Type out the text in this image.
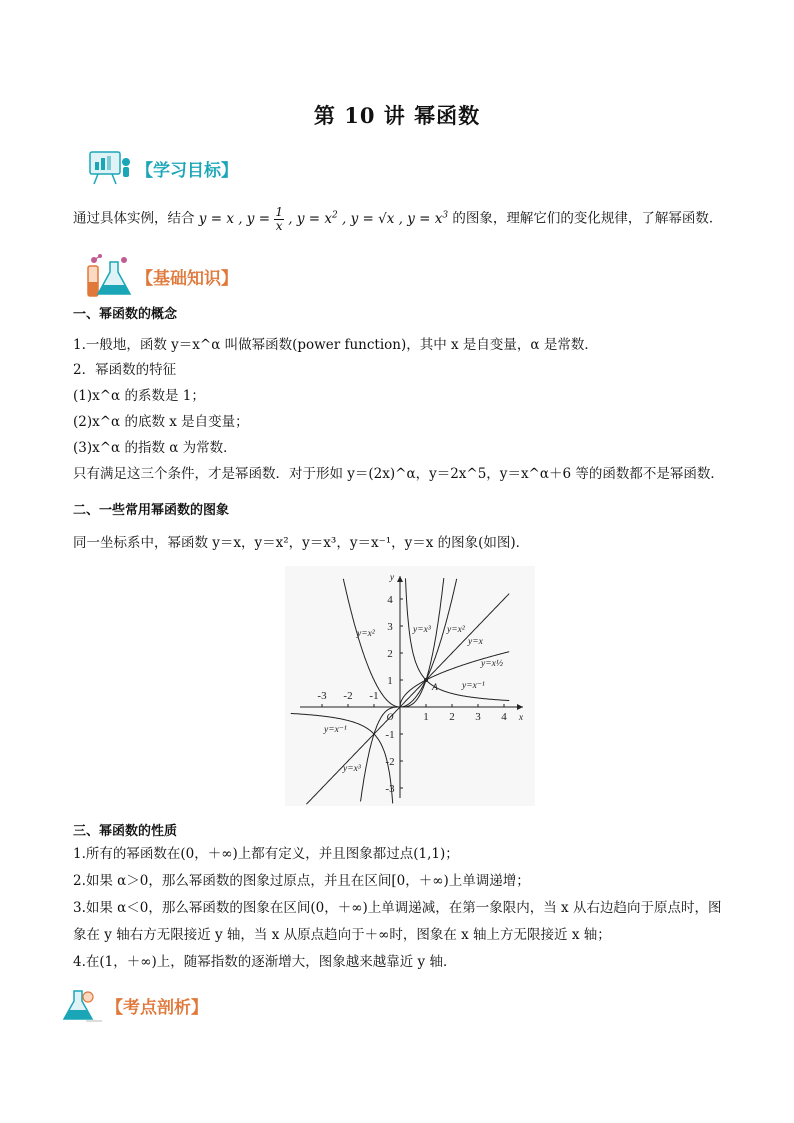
第 10 讲 幂函数
【学习目标】
通过具体实例，结合 y = x , $y = \frac{1}{x}$ , $y = x^2$ , y = √x , $y = x^3$ 的图象，理解它们的变化规律，了解幂函数．
【基础知识】
一、幂函数的概念
1.一般地，函数 y＝x^α 叫做幂函数(power function)，其中 x 是自变量，α 是常数．
2．幂函数的特征
(1)x^α 的系数是 1；
(2)x^α 的底数 x 是自变量；
(3)x^α 的指数 α 为常数．
只有满足这三个条件，才是幂函数．对于形如 y＝(2x)^α，y＝2x^5，y＝x^α＋6 等的函数都不是幂函数．
二、一些常用幂函数的图象
同一坐标系中，幂函数 y＝x，y＝x²，y＝x³，y＝x⁻¹，y＝x 的图象(如图)．
-3 -2 -1
1 2 3 4
4
3
2
1
-1
-2
-3
O	x
y
A
y=x²	y=x³ y=x²
y=x
y=x½
y=x⁻¹
y=x⁻¹
y=x³
三、幂函数的性质
1.所有的幂函数在(0，＋∞)上都有定义，并且图象都过点(1,1)；
2.如果 α＞0，那么幂函数的图象过原点，并且在区间[0，＋∞)上单调递增；
3.如果 α＜0，那么幂函数的图象在区间(0，＋∞)上单调递减，在第一象限内，当 x 从右边趋向于原点时，图
象在 y 轴右方无限接近 y 轴，当 x 从原点趋向于＋∞时，图象在 x 轴上方无限接近 x 轴；
4.在(1，＋∞)上，随幂指数的逐渐增大，图象越来越靠近 y 轴．
【考点剖析】
